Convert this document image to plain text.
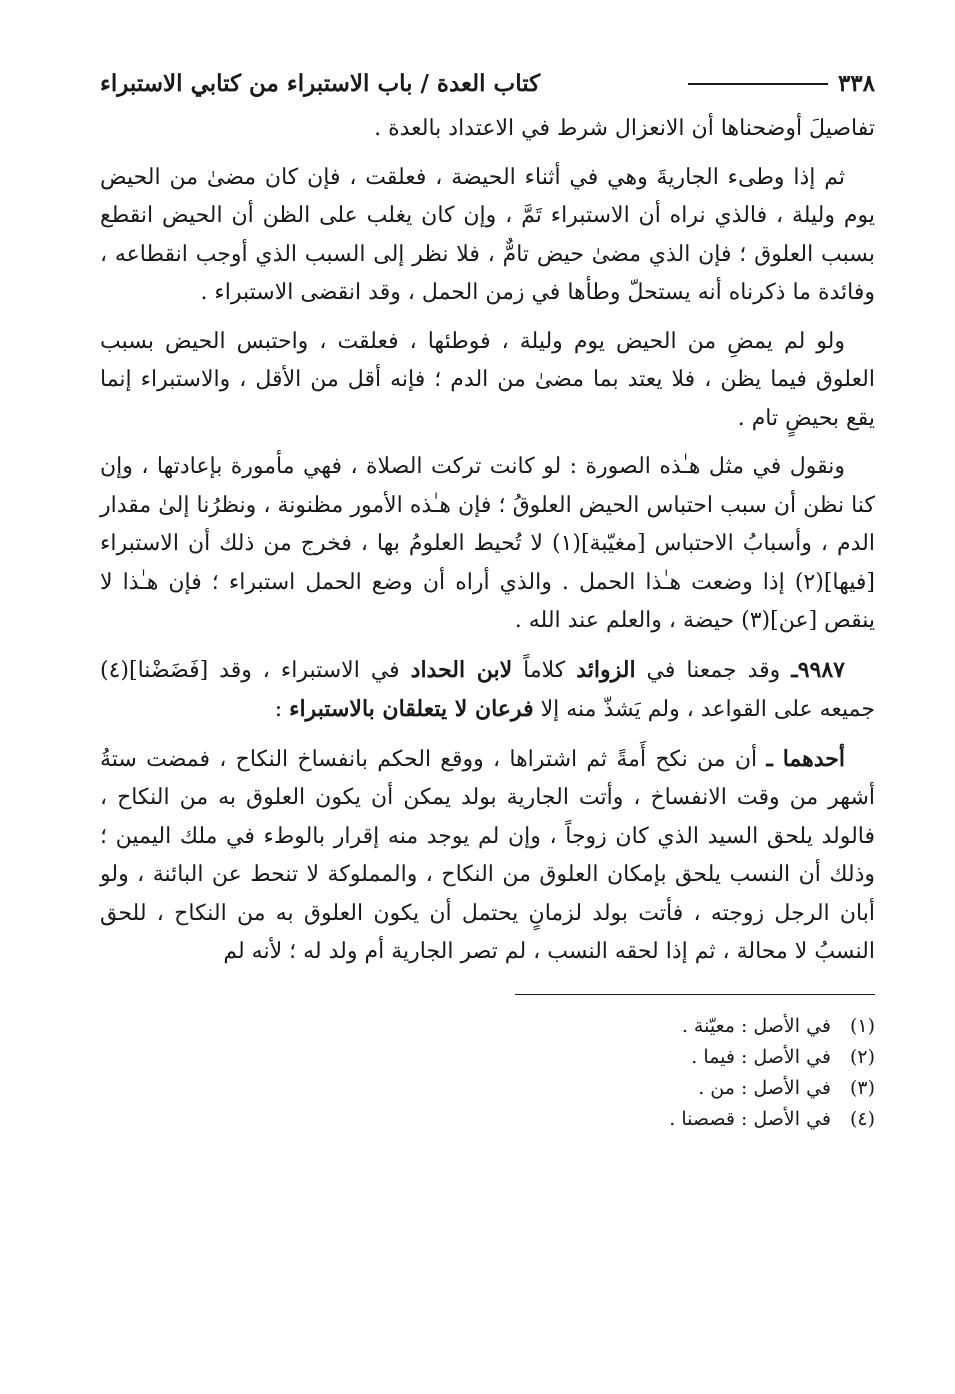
٣٣٨
كتاب العدة / باب الاستبراء من كتابي الاستبراء

تفاصيلَ أوضحناها أن الانعزال شرط في الاعتداد بالعدة .

ثم إذا وطىء الجاريةَ وهي في أثناء الحيضة ، فعلقت ، فإن كان مضىٰ من الحيض يوم وليلة ، فالذي نراه أن الاستبراء تَمَّ ، وإن كان يغلب على الظن أن الحيض انقطع بسبب العلوق ؛ فإن الذي مضىٰ حيض تامٌّ ، فلا نظر إلى السبب الذي أوجب انقطاعه ، وفائدة ما ذكرناه أنه يستحلّ وطأها في زمن الحمل ، وقد انقضى الاستبراء .

ولو لم يمضِ من الحيض يوم وليلة ، فوطئها ، فعلقت ، واحتبس الحيض بسبب العلوق فيما يظن ، فلا يعتد بما مضىٰ من الدم ؛ فإنه أقل من الأقل ، والاستبراء إنما يقع بحيضٍ تام .

ونقول في مثل هـٰذه الصورة : لو كانت تركت الصلاة ، فهي مأمورة بإعادتها ، وإن كنا نظن أن سبب احتباس الحيض العلوقُ ؛ فإن هـٰذه الأمور مظنونة ، ونظرُنا إلىٰ مقدار الدم ، وأسبابُ الاحتباس [مغيّبة](١) لا تُحيط العلومُ بها ، فخرج من ذلك أن الاستبراء [فيها](٢) إذا وضعت هـٰذا الحمل . والذي أراه أن وضع الحمل استبراء ؛ فإن هـٰذا لا ينقص [عن](٣) حيضة ، والعلم عند الله .

٩٩٨٧ـ وقد جمعنا في الزوائد كلاماً لابن الحداد في الاستبراء ، وقد [فَضَضْنا](٤) جميعه على القواعد ، ولم يَشذّ منه إلا فرعان لا يتعلقان بالاستبراء :

أحدهما ـ أن من نكح أَمةً ثم اشتراها ، ووقع الحكم بانفساخ النكاح ، فمضت ستةُ أشهر من وقت الانفساخ ، وأتت الجارية بولد يمكن أن يكون العلوق به من النكاح ، فالولد يلحق السيد الذي كان زوجاً ، وإن لم يوجد منه إقرار بالوطء في ملك اليمين ؛ وذلك أن النسب يلحق بإمكان العلوق من النكاح ، والمملوكة لا تنحط عن البائنة ، ولو أبان الرجل زوجته ، فأتت بولد لزمانٍ يحتمل أن يكون العلوق به من النكاح ، للحق النسبُ لا محالة ، ثم إذا لحقه النسب ، لم تصر الجارية أم ولد له ؛ لأنه لم

(١)في الأصل : معيّنة .

(٢)في الأصل : فيما .

(٣)في الأصل : من .

(٤)في الأصل : قصصنا .
